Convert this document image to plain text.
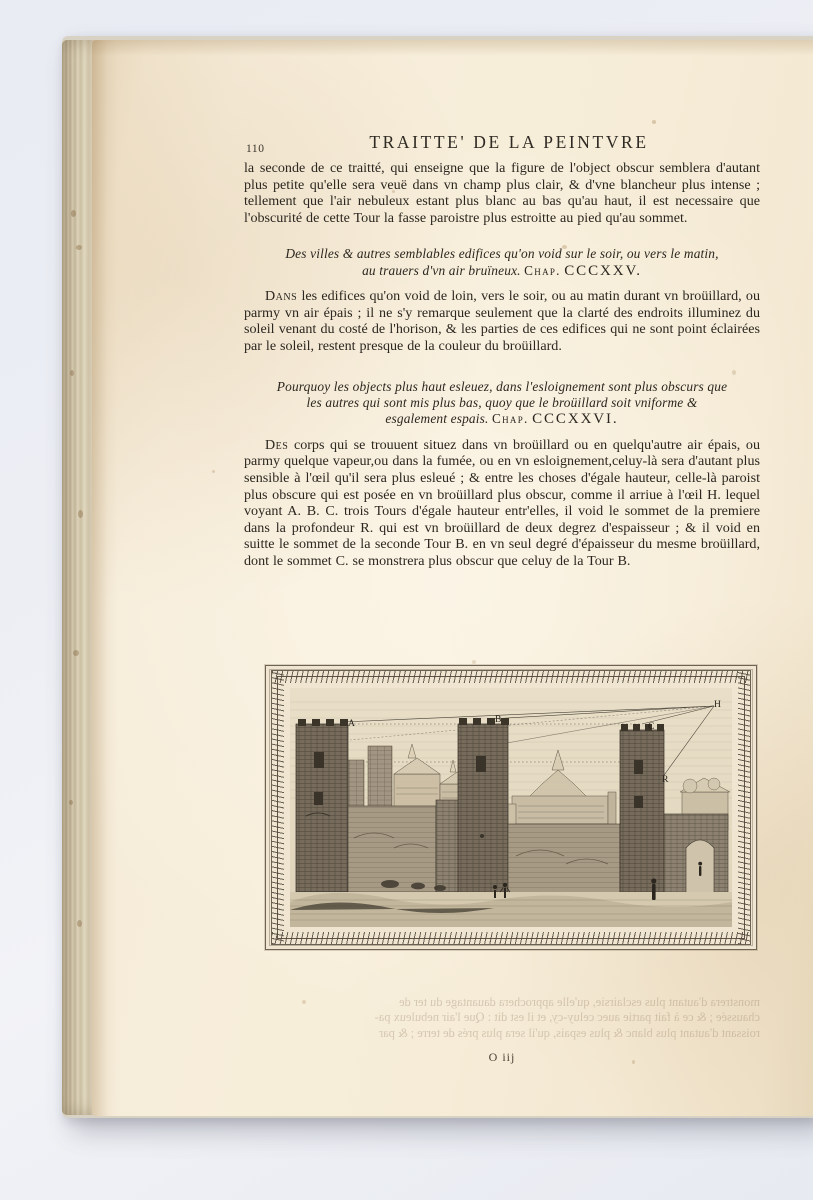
110	TRAITTE' DE LA PEINTVRE

la seconde de ce traitté, qui enseigne que la figure de l'object obscur semblera d'autant plus petite qu'elle sera veuë dans vn champ plus clair, & d'vne blancheur plus intense ; tellement que l'air nebuleux estant plus blanc au bas qu'au haut, il est necessaire que l'obscurité de cette Tour la fasse paroistre plus estroitte au pied qu'au sommet.

Des villes & autres semblables edifices qu'on void sur le soir, ou vers le matin,
au trauers d'vn air bruïneux. Chap. CCCXXV.

Dans les edifices qu'on void de loin, vers le soir, ou au matin durant vn broüillard, ou parmy vn air épais ; il ne s'y remarque seulement que la clarté des endroits illuminez du soleil venant du costé de l'horison, & les parties de ces edifices qui ne sont point éclairées par le soleil, restent presque de la couleur du broüillard.

Pourquoy les objects plus haut esleuez, dans l'esloignement sont plus obscurs que
les autres qui sont mis plus bas, quoy que le broüillard soit vniforme &
esgalement espais. Chap. CCCXXVI.

Des corps qui se trouuent situez dans vn broüillard ou en quelqu'autre air épais, ou parmy quelque vapeur,ou dans la fumée, ou en vn esloignement,celuy-là sera d'autant plus sensible à l'œil qu'il sera plus esleué ; & entre les choses d'égale hauteur, celle-là paroist plus obscure qui est posée en vn broüillard plus obscur, comme il arriue à l'œil H. lequel voyant A. B. C. trois Tours d'égale hauteur entr'elles, il void le sommet de la premiere dans la profondeur R. qui est vn broüillard de deux degrez d'espaisseur ; & il void en suitte le sommet de la seconde Tour B. en vn seul degré d'épaisseur du mesme broüillard, dont le sommet C. se monstrera plus obscur que celuy de la Tour B.

A	B
C
H
R
monstrera d'autant plus esclairsie, qu'elle approchera dauantage du ter de
chaussée ; & ce à fait partie auec celuy-cy, et il est dit : Que l'air nebuleux pa-
roissant d'autant plus blanc & plus espais, qu'il sera plus prés de terre ; & par
O iij
